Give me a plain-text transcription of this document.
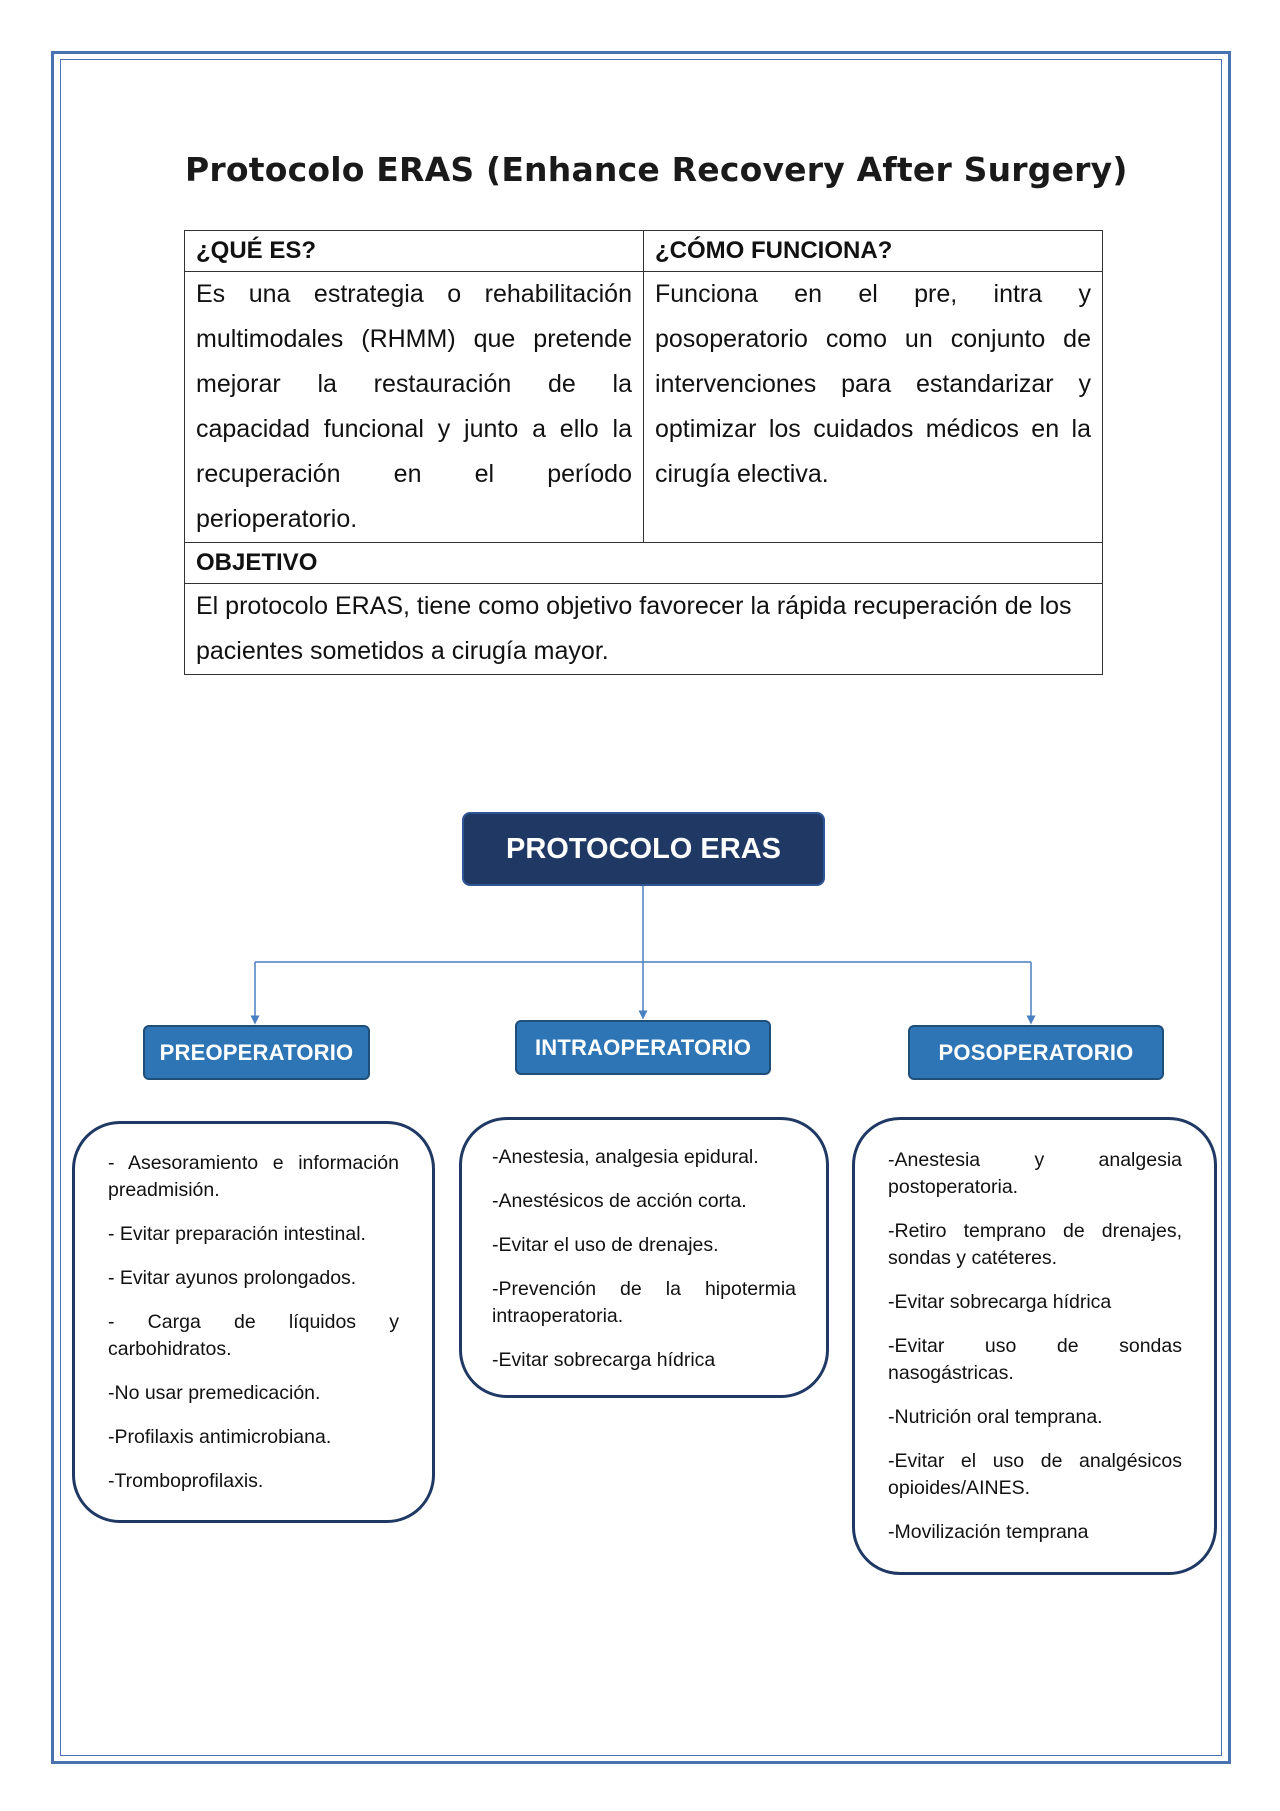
Protocolo ERAS (Enhance Recovery After Surgery)
¿QUÉ ES?	¿CÓMO FUNCIONA?
Es una estrategia o rehabilitación multimodales (RHMM) que pretende mejorar la restauración de la capacidad funcional y junto a ello la recuperación en el período perioperatorio.	Funciona en el pre, intra y posoperatorio como un conjunto de intervenciones para estandarizar y optimizar los cuidados médicos en la cirugía electiva.
OBJETIVO	
El protocolo ERAS, tiene como objetivo favorecer la rápida recuperación de los pacientes sometidos a cirugía mayor.	
PROTOCOLO ERAS
PREOPERATORIO	INTRAOPERATORIO	POSOPERATORIO

- Asesoramiento e información preadmisión.

- Evitar preparación intestinal.

- Evitar ayunos prolongados.

- Carga de líquidos y carbohidratos.

-No usar premedicación.

-Profilaxis antimicrobiana.

-Tromboprofilaxis.

-Anestesia, analgesia epidural.

-Anestésicos de acción corta.

-Evitar el uso de drenajes.

-Prevención de la hipotermia intraoperatoria.

-Evitar sobrecarga hídrica

-Anestesia y analgesia postoperatoria.

-Retiro temprano de drenajes, sondas y catéteres.

-Evitar sobrecarga hídrica

-Evitar uso de sondas nasogástricas.

-Nutrición oral temprana.

-Evitar el uso de analgésicos opioides/AINES.

-Movilización temprana
